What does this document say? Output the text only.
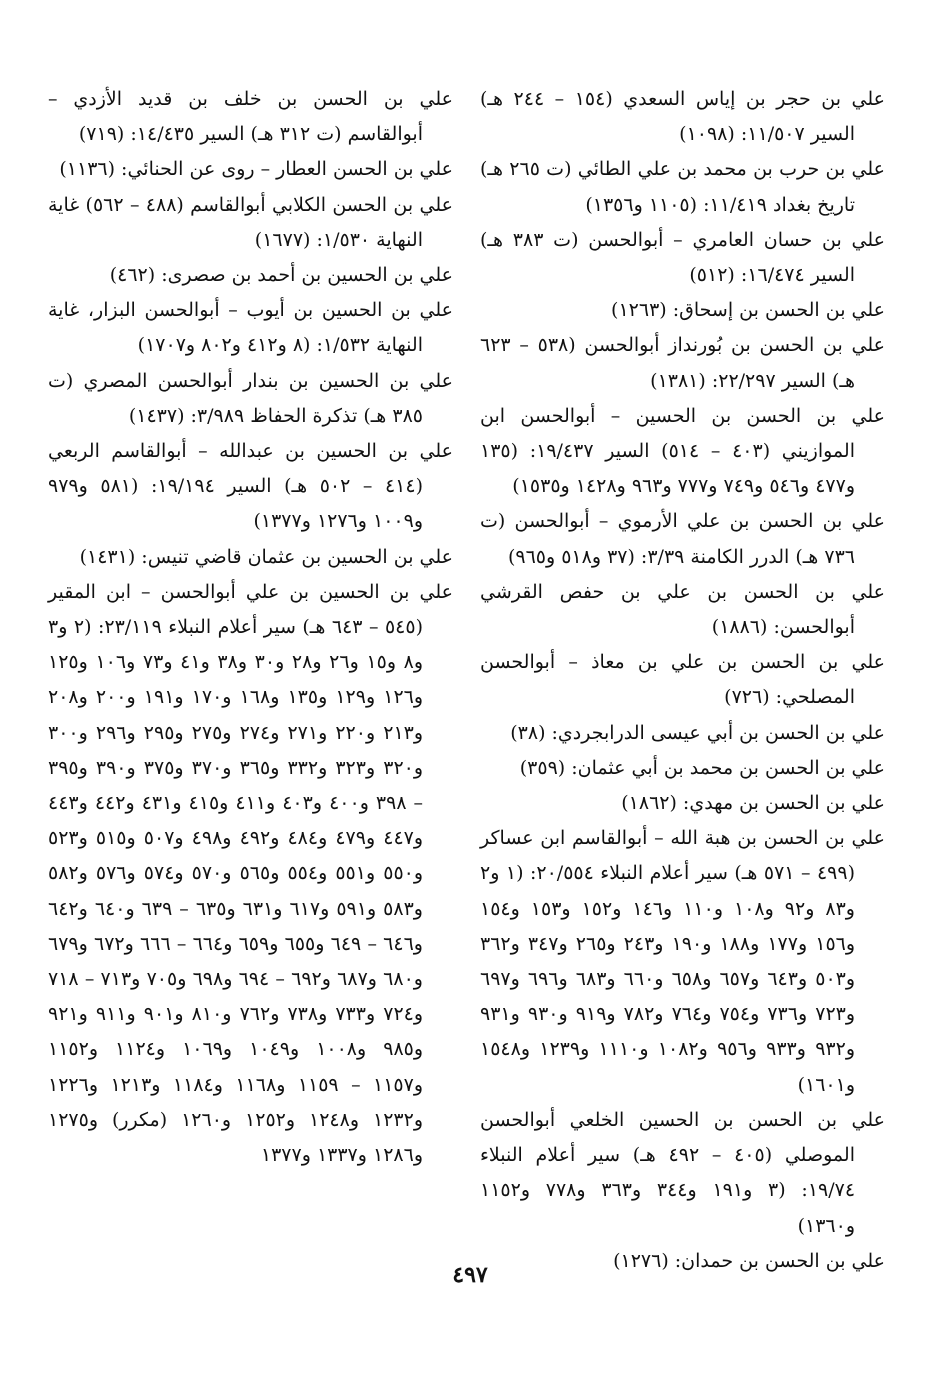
علي بن حجر بن إياس السعدي (١٥٤ – ٢٤٤ هـ) السير ١١/٥٠٧: (١٠٩٨)

علي بن حرب بن محمد بن علي الطائي (ت ٢٦٥ هـ) تاريخ بغداد ١١/٤١٩: (١١٠٥ و١٣٥٦)

علي بن حسان العامري – أبوالحسن (ت ٣٨٣ هـ) السير ١٦/٤٧٤: (٥١٢)

علي بن الحسن بن إسحاق: (١٢٦٣)

علي بن الحسن بن بُورنداز أبوالحسن (٥٣٨ – ٦٢٣ هـ) السير ٢٢/٢٩٧: (١٣٨١)

علي بن الحسن بن الحسين – أبوالحسن ابن الموازيني (٤٠٣ – ٥١٤) السير ١٩/٤٣٧: (١٣٥ و٤٧٧ و٥٤٦ و٧٤٩ و٧٧٧ و٩٦٣ و١٤٢٨ و١٥٣٥)

علي بن الحسن بن علي الأرموي – أبوالحسن (ت ٧٣٦ هـ) الدرر الكامنة ٣/٣٩: (٣٧ و٥١٨ و٩٦٥)

علي بن الحسن بن علي بن حفص القرشي أبوالحسن: (١٨٨٦)

علي بن الحسن بن علي بن معاذ – أبوالحسن المصلحي: (٧٢٦)

علي بن الحسن بن أبي عيسى الدرابجردي: (٣٨)

علي بن الحسن بن محمد بن أبي عثمان: (٣٥٩)

علي بن الحسن بن مهدي: (١٨٦٢)

علي بن الحسن بن هبة الله – أبوالقاسم ابن عساكر (٤٩٩ – ٥٧١ هـ) سير أعلام النبلاء ٢٠/٥٥٤: (١ و٢ و٨٣ و٩٢ و١٠٨ و١١٠ و١٤٦ و١٥٢ و١٥٣ و١٥٤ و١٥٦ و١٧٧ و١٨٨ و١٩٠ و٢٤٣ و٢٦٥ و٣٤٧ و٣٦٢ و٥٠٣ و٦٤٣ و٦٥٧ و٦٥٨ و٦٦٠ و٦٨٣ و٦٩٦ و٦٩٧ و٧٢٣ و٧٣٦ و٧٥٤ و٧٦٤ و٧٨٢ و٩١٩ و٩٣٠ و٩٣١ و٩٣٢ و٩٣٣ و٩٥٦ و١٠٨٢ و١١١٠ و١٢٣٩ و١٥٤٨ و١٦٠١)

علي بن الحسن بن الحسين الخلعي أبوالحسن الموصلي (٤٠٥ – ٤٩٢ هـ) سير أعلام النبلاء ١٩/٧٤: (٣ و١٩١ و٣٤٤ و٣٦٣ و٧٧٨ و١١٥٢ و١٣٦٠)

علي بن الحسن بن حمدان: (١٢٧٦)

علي بن الحسن بن خلف بن قديد الأزدي – أبوالقاسم (ت ٣١٢ هـ) السير ١٤/٤٣٥: (٧١٩)

علي بن الحسن العطار – روى عن الحنائي: (١١٣٦)

علي بن الحسن الكلابي أبوالقاسم (٤٨٨ – ٥٦٢) غاية النهاية ١/٥٣٠: (١٦٧٧)

علي بن الحسين بن أحمد بن صصرى: (٤٦٢)

علي بن الحسين بن أيوب – أبوالحسن البزار، غاية النهاية ١/٥٣٢: (٨ و٤١٢ و٨٠٢ و١٧٠٧)

علي بن الحسين بن بندار أبوالحسن المصري (ت ٣٨٥ هـ) تذكرة الحفاظ ٣/٩٨٩: (١٤٣٧)

علي بن الحسين بن عبدالله – أبوالقاسم الربعي (٤١٤ – ٥٠٢ هـ) السير ١٩/١٩٤: (٥٨١ و٩٧٩ و١٠٠٩ و١٢٧٦ و١٣٧٧)

علي بن الحسين بن عثمان قاضي تنيس: (١٤٣١)

علي بن الحسين بن علي أبوالحسن – ابن المقير (٥٤٥ – ٦٤٣ هـ) سير أعلام النبلاء ٢٣/١١٩: (٢ و٣ و٨ و١٥ و٢٦ و٢٨ و٣٠ و٣٨ و٤١ و٧٣ و١٠٦ و١٢٥ و١٢٦ و١٢٩ و١٣٥ و١٦٨ و١٧٠ و١٩١ و٢٠٠ و٢٠٨ و٢١٣ و٢٢٠ و٢٧١ و٢٧٤ و٢٧٥ و٢٩٥ و٢٩٦ و٣٠٠ و٣٢٠ و٣٢٣ و٣٣٢ و٣٦٥ و٣٧٠ و٣٧٥ و٣٩٠ و٣٩٥ – ٣٩٨ و٤٠٠ و٤٠٣ و٤١١ و٤١٥ و٤٣١ و٤٤٢ و٤٤٣ و٤٤٧ و٤٧٩ و٤٨٤ و٤٩٢ و٤٩٨ و٥٠٧ و٥١٥ و٥٢٣ و٥٥٠ و٥٥١ و٥٥٤ و٥٦٥ و٥٧٠ و٥٧٤ و٥٧٦ و٥٨٢ و٥٨٣ و٥٩١ و٦١٧ و٦٣١ و٦٣٥ – ٦٣٩ و٦٤٠ و٦٤٢ و٦٤٦ – ٦٤٩ و٦٥٥ و٦٥٩ و٦٦٤ – ٦٦٦ و٦٧٢ و٦٧٩ و٦٨٠ و٦٨٧ و٦٩٢ – ٦٩٤ و٦٩٨ و٧٠٥ و٧١٣ – ٧١٨ و٧٢٤ و٧٣٣ و٧٣٨ و٧٦٢ و٨١٠ و٩٠١ و٩١١ و٩٢١ و٩٨٥ و١٠٠٨ و١٠٤٩ و١٠٦٩ و١١٢٤ و١١٥٢ و١١٥٧ – ١١٥٩ و١١٦٨ و١١٨٤ و١٢١٣ و١٢٢٦ و١٢٣٢ و١٢٤٨ و١٢٥٢ و١٢٦٠ (مكرر) و١٢٧٥ و١٢٨٦ و١٣٣٧ و١٣٧٧

٤٩٧
